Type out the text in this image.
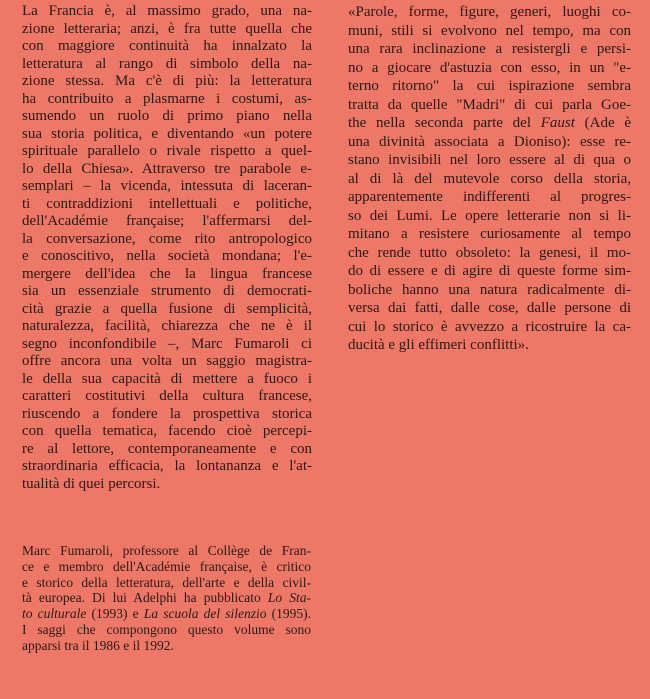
La Francia è, al massimo grado, una na-
zione letteraria; anzi, è fra tutte quella che
con maggiore continuità ha innalzato la
letteratura al rango di simbolo della na-
zione stessa. Ma c'è di più: la letteratura
ha contribuito a plasmarne i costumi, as-
sumendo un ruolo di primo piano nella
sua storia politica, e diventando «un potere
spirituale parallelo o rivale rispetto a quel-
lo della Chiesa». Attraverso tre parabole e-
semplari – la vicenda, intessuta di laceran-
ti contraddizioni intellettuali e politiche,
dell'Académie française; l'affermarsi del-
la conversazione, come rito antropologico
e conoscitivo, nella società mondana; l'e-
mergere dell'idea che la lingua francese
sia un essenziale strumento di democrati-
cità grazie a quella fusione di semplicità,
naturalezza, facilità, chiarezza che ne è il
segno inconfondibile –, Marc Fumaroli ci
offre ancora una volta un saggio magistra-
le della sua capacità di mettere a fuoco i
caratteri costitutivi della cultura francese,
riuscendo a fondere la prospettiva storica
con quella tematica, facendo cioè percepi-
re al lettore, contemporaneamente e con
straordinaria efficacia, la lontananza e l'at-
tualità di quei percorsi.
«Parole, forme, figure, generi, luoghi co-
muni, stili si evolvono nel tempo, ma con
una rara inclinazione a resistergli e persi-
no a giocare d'astuzia con esso, in un "e-
terno ritorno" la cui ispirazione sembra
tratta da quelle "Madri" di cui parla Goe-
the nella seconda parte del Faust (Ade è
una divinità associata a Dioniso): esse re-
stano invisibili nel loro essere al di qua o
al di là del mutevole corso della storia,
apparentemente indifferenti al progres-
so dei Lumi. Le opere letterarie non si li-
mitano a resistere curiosamente al tempo
che rende tutto obsoleto: la genesi, il mo-
do di essere e di agire di queste forme sim-
boliche hanno una natura radicalmente di-
versa dai fatti, dalle cose, dalle persone di
cui lo storico è avvezzo a ricostruire la ca-
ducità e gli effimeri conflitti».
Marc Fumaroli, professore al Collège de Fran-
ce e membro dell'Académie française, è critico
e storico della letteratura, dell'arte e della civil-
tà europea. Di lui Adelphi ha pubblicato Lo Sta-
to culturale (1993) e La scuola del silenzio (1995).
I saggi che compongono questo volume sono
apparsi tra il 1986 e il 1992.
